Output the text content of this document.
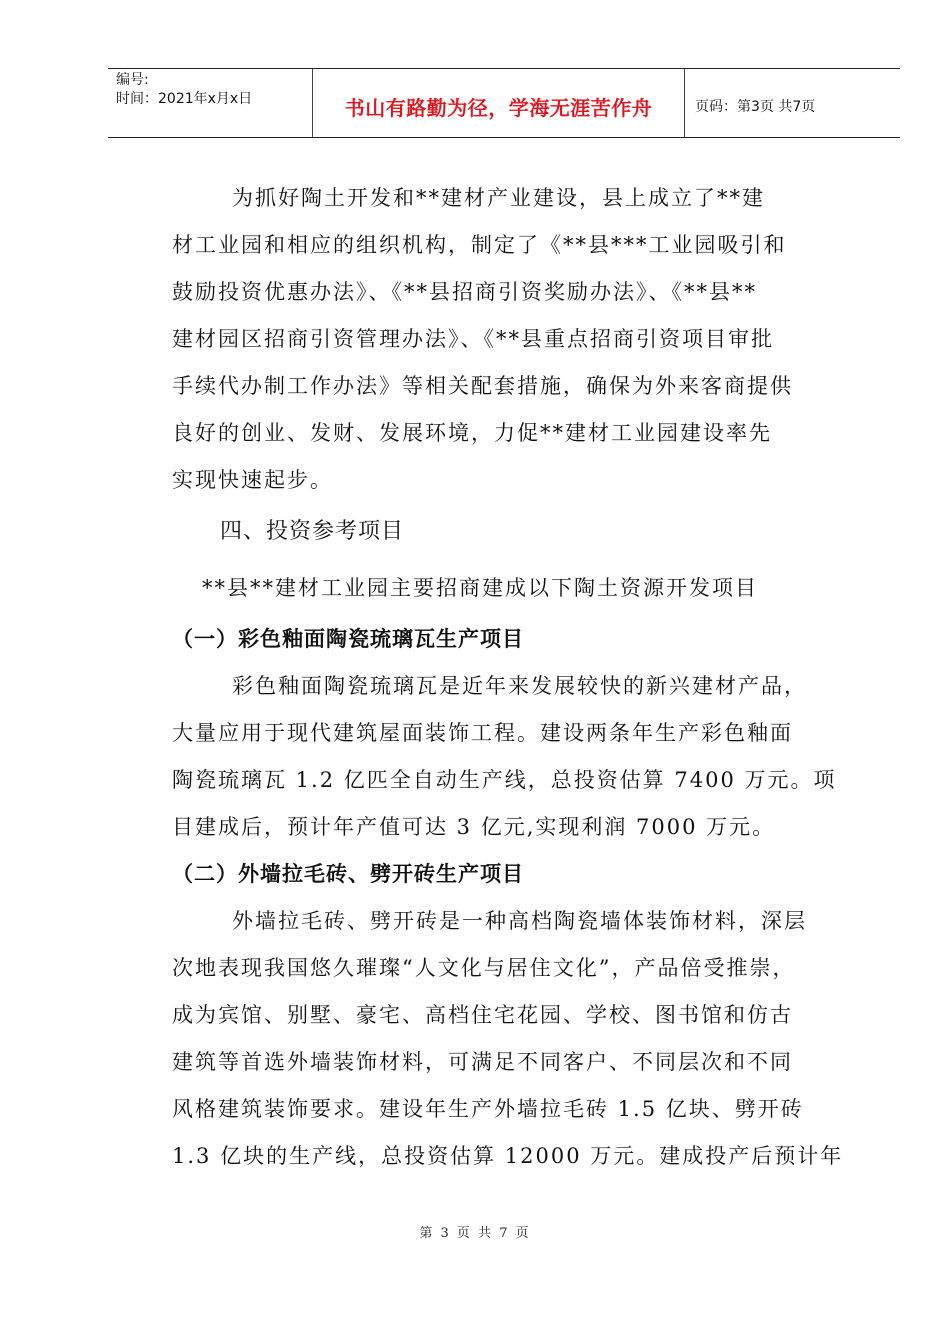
编号:
时间：2021年x月x日	书山有路勤为径，学海无涯苦作舟	页码：第3页 共7页
为抓好陶土开发和**建材产业建设，县上成立了**建
材工业园和相应的组织机构，制定了《**县***工业园吸引和
鼓励投资优惠办法》、《**县招商引资奖励办法》、《**县**
建材园区招商引资管理办法》、《**县重点招商引资项目审批
手续代办制工作办法》等相关配套措施，确保为外来客商提供
良好的创业、发财、发展环境，力促**建材工业园建设率先
实现快速起步。
四、投资参考项目
**县**建材工业园主要招商建成以下陶土资源开发项目
（一）彩色釉面陶瓷琉璃瓦生产项目
彩色釉面陶瓷琉璃瓦是近年来发展较快的新兴建材产品，
大量应用于现代建筑屋面装饰工程。建设两条年生产彩色釉面
陶瓷琉璃瓦 1.2 亿匹全自动生产线，总投资估算 7400 万元。项
目建成后，预计年产值可达 3 亿元,实现利润 7000 万元。
（二）外墙拉毛砖、劈开砖生产项目
外墙拉毛砖、劈开砖是一种高档陶瓷墙体装饰材料，深层
次地表现我国悠久璀璨“人文化与居住文化”，产品倍受推崇，
成为宾馆、别墅、豪宅、高档住宅花园、学校、图书馆和仿古
建筑等首选外墙装饰材料，可满足不同客户、不同层次和不同
风格建筑装饰要求。建设年生产外墙拉毛砖 1.5 亿块、劈开砖
1.3 亿块的生产线，总投资估算 12000 万元。建成投产后预计年
第 3 页 共 7 页
